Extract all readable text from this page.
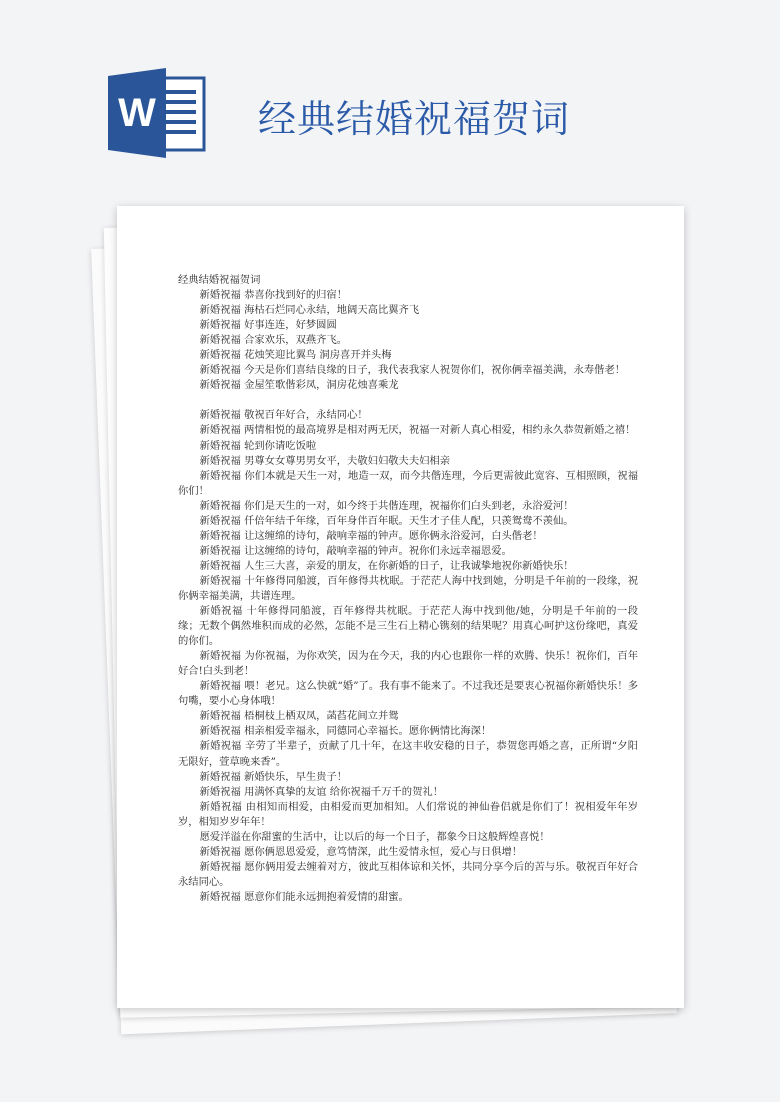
W	经典结婚祝福贺词

经典结婚祝福贺词

新婚祝福 恭喜你找到好的归宿！

新婚祝福 海枯石烂同心永结，地阔天高比翼齐飞

新婚祝福 好事连连，好梦圆圆

新婚祝福 合家欢乐，双燕齐飞。

新婚祝福 花烛笑迎比翼鸟 洞房喜开并头梅

新婚祝福 今天是你们喜结良缘的日子，我代表我家人祝贺你们，祝你俩幸福美满，永寿偕老！

新婚祝福 金屋笙歌偕彩凤，洞房花烛喜乘龙

新婚祝福 敬祝百年好合，永结同心！

新婚祝福 两情相悦的最高境界是相对两无厌，祝福一对新人真心相爱，相约永久恭贺新婚之禧！

新婚祝福 轮到你请吃饭啦

新婚祝福 男尊女女尊男男女平，夫敬妇妇敬夫夫妇相亲

新婚祝福 你们本就是天生一对，地造一双，而今共偕连理，今后更需彼此宽容、互相照顾，祝福你们！

新婚祝福 你们是天生的一对，如今终于共偕连理，祝福你们白头到老，永浴爱河！

新婚祝福 仟倍年结千年缘，百年身伴百年眠。天生才子佳人配，只羡鸳鸯不羡仙。

新婚祝福 让这缠绵的诗句，敲响幸福的钟声。愿你俩永浴爱河，白头偕老！

新婚祝福 让这缠绵的诗句，敲响幸福的钟声。祝你们永远幸福恩爱。

新婚祝福 人生三大喜，亲爱的朋友，在你新婚的日子，让我诚挚地祝你新婚快乐！

新婚祝福 十年修得同船渡，百年修得共枕眠。于茫茫人海中找到她，分明是千年前的一段缘，祝你俩幸福美满，共谱连理。

新婚祝福 十年修得同船渡，百年修得共枕眠。于茫茫人海中找到他/她，分明是千年前的一段缘；无数个偶然堆积而成的必然，怎能不是三生石上精心镌刻的结果呢？用真心呵护这份缘吧，真爱的你们。

新婚祝福 为你祝福，为你欢笑，因为在今天，我的内心也跟你一样的欢腾、快乐！祝你们，百年好合!白头到老！

新婚祝福 喂！老兄。这么快就“婚”了。我有事不能来了。不过我还是要衷心祝福你新婚快乐！多句嘴，要小心身体哦！

新婚祝福 梧桐枝上栖双凤，菡萏花间立并鸳

新婚祝福 相亲相爱幸福永，同德同心幸福长。愿你俩情比海深！

新婚祝福 辛劳了半辈子，贡献了几十年，在这丰收安稳的日子，恭贺您再婚之喜，正所谓“夕阳无限好，萱草晚来香”。

新婚祝福 新婚快乐，早生贵子！

新婚祝福 用满怀真挚的友谊 给你祝福千万千的贺礼！

新婚祝福 由相知而相爱，由相爱而更加相知。人们常说的神仙眷侣就是你们了！祝相爱年年岁岁，相知岁岁年年！

愿爱洋溢在你甜蜜的生活中，让以后的每一个日子，都象今日这般辉煌喜悦！

新婚祝福 愿你俩恩恩爱爱，意笃情深，此生爱情永恒，爱心与日俱增！

新婚祝福 愿你俩用爱去缠着对方，彼此互相体谅和关怀，共同分享今后的苦与乐。敬祝百年好合永结同心。

新婚祝福 愿意你们能永远拥抱着爱情的甜蜜。
